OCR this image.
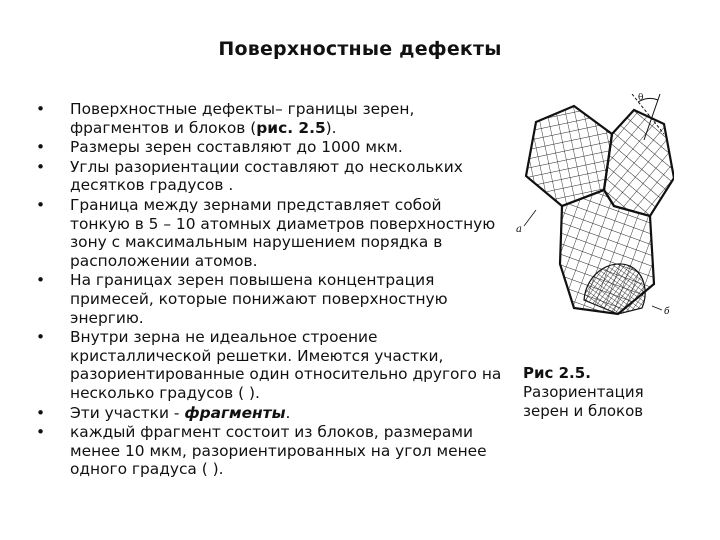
Поверхностные дефекты
•	Поверхностные дефекты– границы зерен, фрагментов и блоков (рис. 2.5).
•	Размеры зерен составляют до 1000 мкм.
•	Углы разориентации составляют до нескольких десятков градусов .
•	Граница между зернами представляет собой тонкую в 5 – 10 атомных диаметров поверхностную зону с максимальным нарушением порядка в расположении атомов.
•	На границах зерен повышена концентрация примесей, которые понижают поверхностную энергию.
•	Внутри зерна не идеальное строение кристаллической решетки. Имеются участки, разориентированные один относительно другого на несколько градусов ( ).
•	Эти участки - фрагменты.
•	каждый фрагмент состоит из блоков, размерами менее 10 мкм, разориентированных на угол менее одного градуса ( ).
θ
a
б
Рис 2.5.
Разориентация зерен и блоков
